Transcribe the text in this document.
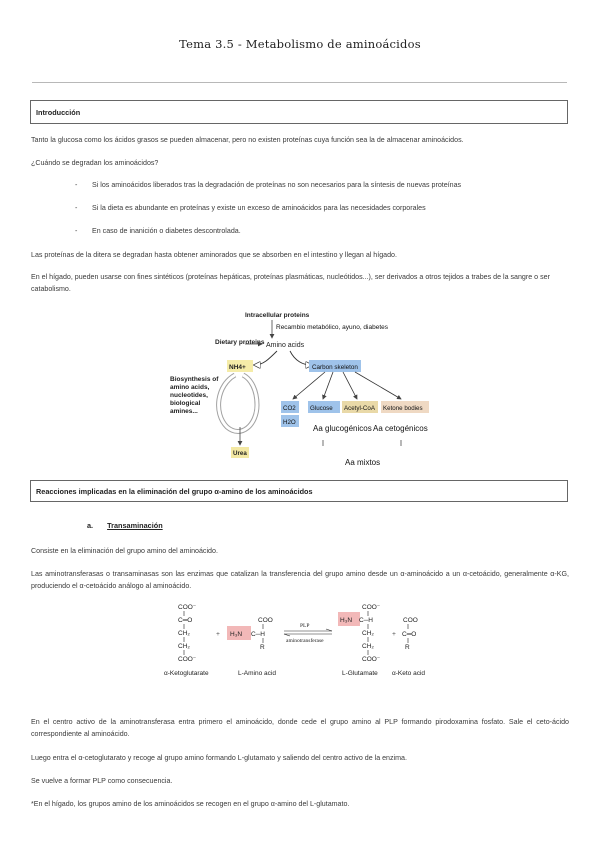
Tema 3.5 - Metabolismo de aminoácidos
Introducción
Tanto la glucosa como los ácidos grasos se pueden almacenar, pero no existen proteínas cuya función sea la de almacenar aminoácidos.
¿Cuándo se degradan los aminoácidos?
- Si los aminoácidos liberados tras la degradación de proteínas no son necesarios para la síntesis de nuevas proteínas
- Si la dieta es abundante en proteínas y existe un exceso de aminoácidos para las necesidades corporales
- En caso de inanición o diabetes descontrolada.
Las proteínas de la ditera se degradan hasta obtener aminorados que se absorben en el intestino y llegan al hígado.
En el hígado, pueden usarse con fines sintéticos (proteínas hepáticas, proteínas plasmáticas, nucleótidos...), ser derivados a otros tejidos a trabes de la sangre o ser catabolismo.
Intracellular proteins
Recambio metabólico, ayuno, diabetes
Dietary proteins Amino acids
NH4+	Carbon skeleton
Biosynthesis of amino acids, nucleotides, biological amines...
Urea
CO2
H2O
Glucose Acetyl-CoA Ketone bodies
Aa glucogénicos Aa cetogénicos
Aa mixtos
Reacciones implicadas en la eliminación del grupo α-amino de los aminoácidos
a. Transaminación
Consiste en la eliminación del grupo amino del aminoácido.
Las aminotransferasas o transaminasas son las enzimas que catalizan la transferencia del grupo amino desde un α-aminoácido a un α-cetoácido, generalmente α-KG, produciendo el α-cetoácido análogo al aminoácido.
COO⁻
C═O
CH₂
CH₂
COO⁻
α-Ketoglutarate
+ H₃N
COO
C─H
R
L-Amino acid
PLP
aminotransferase
COO⁻
H₃N C─H
CH₂
CH₂
COO⁻
L-Glutamate
+
COO
C═O
R
α-Keto acid
En el centro activo de la aminotransferasa entra primero el aminoácido, donde cede el grupo amino al PLP formando pirodoxamina fosfato. Sale el ceto-ácido correspondiente al aminoácido.
Luego entra el α-cetoglutarato y recoge al grupo amino formando L-glutamato y saliendo del centro activo de la enzima.
Se vuelve a formar PLP como consecuencia.
*En el hígado, los grupos amino de los aminoácidos se recogen en el grupo α-amino del L-glutamato.
